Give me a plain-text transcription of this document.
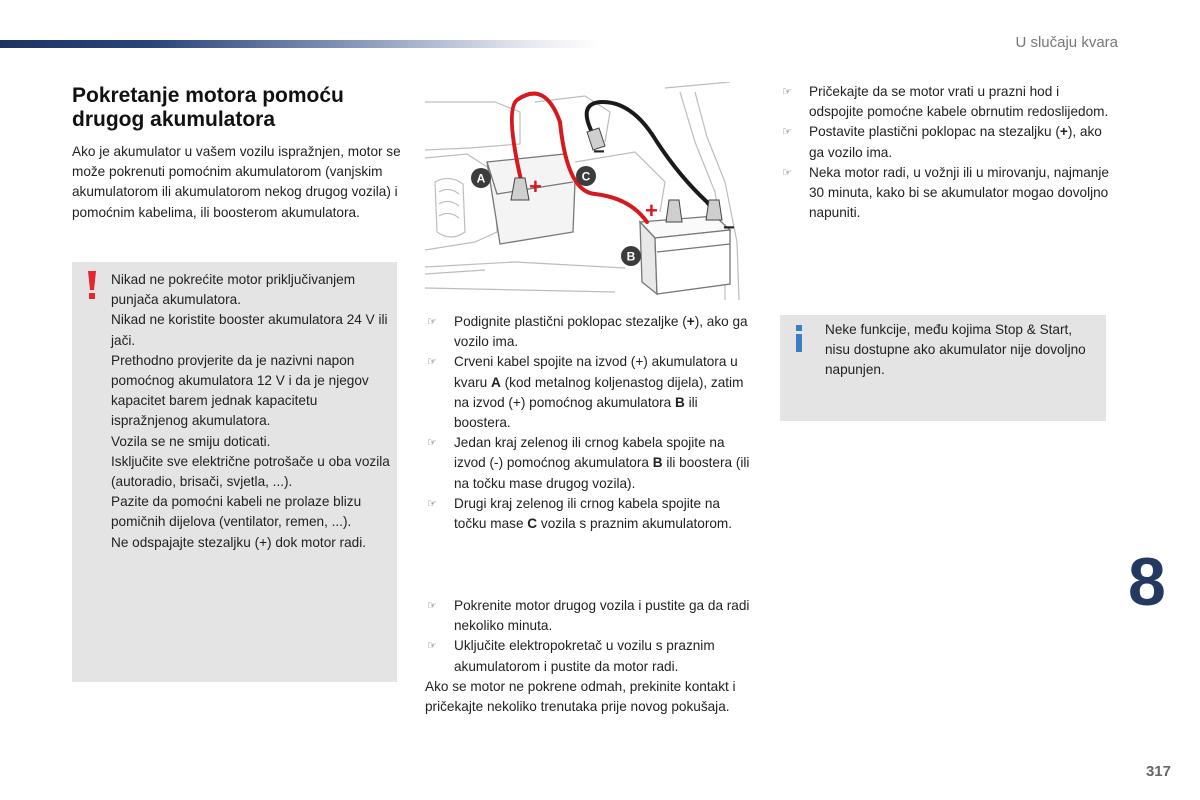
U slučaju kvara
Pokretanje motora pomoću drugog akumulatora

Ako je akumulator u vašem vozilu ispražnjen, motor se može pokrenuti pomoćnim akumulatorom (vanjskim akumulatorom ili akumulatorom nekog drugog vozila) i pomoćnim kabelima, ili boosterom akumulatora.

Nikad ne pokrećite motor priključivanjem punjača akumulatora.
Nikad ne koristite booster akumulatora 24 V ili jači.
Prethodno provjerite da je nazivni napon pomoćnog akumulatora 12 V i da je njegov kapacitet barem jednak kapacitetu ispražnjenog akumulatora.
Vozila se ne smiju doticati.
Isključite sve električne potrošače u oba vozila (autoradio, brisači, svjetla, ...).
Pazite da pomoćni kabeli ne prolaze blizu pomičnih dijelova (ventilator, remen, ...).
Ne odspajajte stezaljku (+) dok motor radi.
+
+
−
−
A
B
C
☞ Podignite plastični poklopac stezaljke (+), ako ga vozilo ima.
☞ Crveni kabel spojite na izvod (+) akumulatora u kvaru A (kod metalnog koljenastog dijela), zatim na izvod (+) pomoćnog akumulatora B ili boostera.
☞ Jedan kraj zelenog ili crnog kabela spojite na izvod (-) pomoćnog akumulatora B ili boostera (ili na točku mase drugog vozila).
☞ Drugi kraj zelenog ili crnog kabela spojite na točku mase C vozila s praznim akumulatorom.
☞ Pokrenite motor drugog vozila i pustite ga da radi nekoliko minuta.
☞ Uključite elektropokretač u vozilu s praznim akumulatorom i pustite da motor radi.

Ako se motor ne pokrene odmah, prekinite kontakt i pričekajte nekoliko trenutaka prije novog pokušaja.

☞ Pričekajte da se motor vrati u prazni hod i odspojite pomoćne kabele obrnutim redoslijedom.
☞ Postavite plastični poklopac na stezaljku (+), ako ga vozilo ima.
☞ Neka motor radi, u vožnji ili u mirovanju, najmanje 30 minuta, kako bi se akumulator mogao dovoljno napuniti.
Neke funkcije, među kojima Stop & Start, nisu dostupne ako akumulator nije dovoljno napunjen.
8
317
